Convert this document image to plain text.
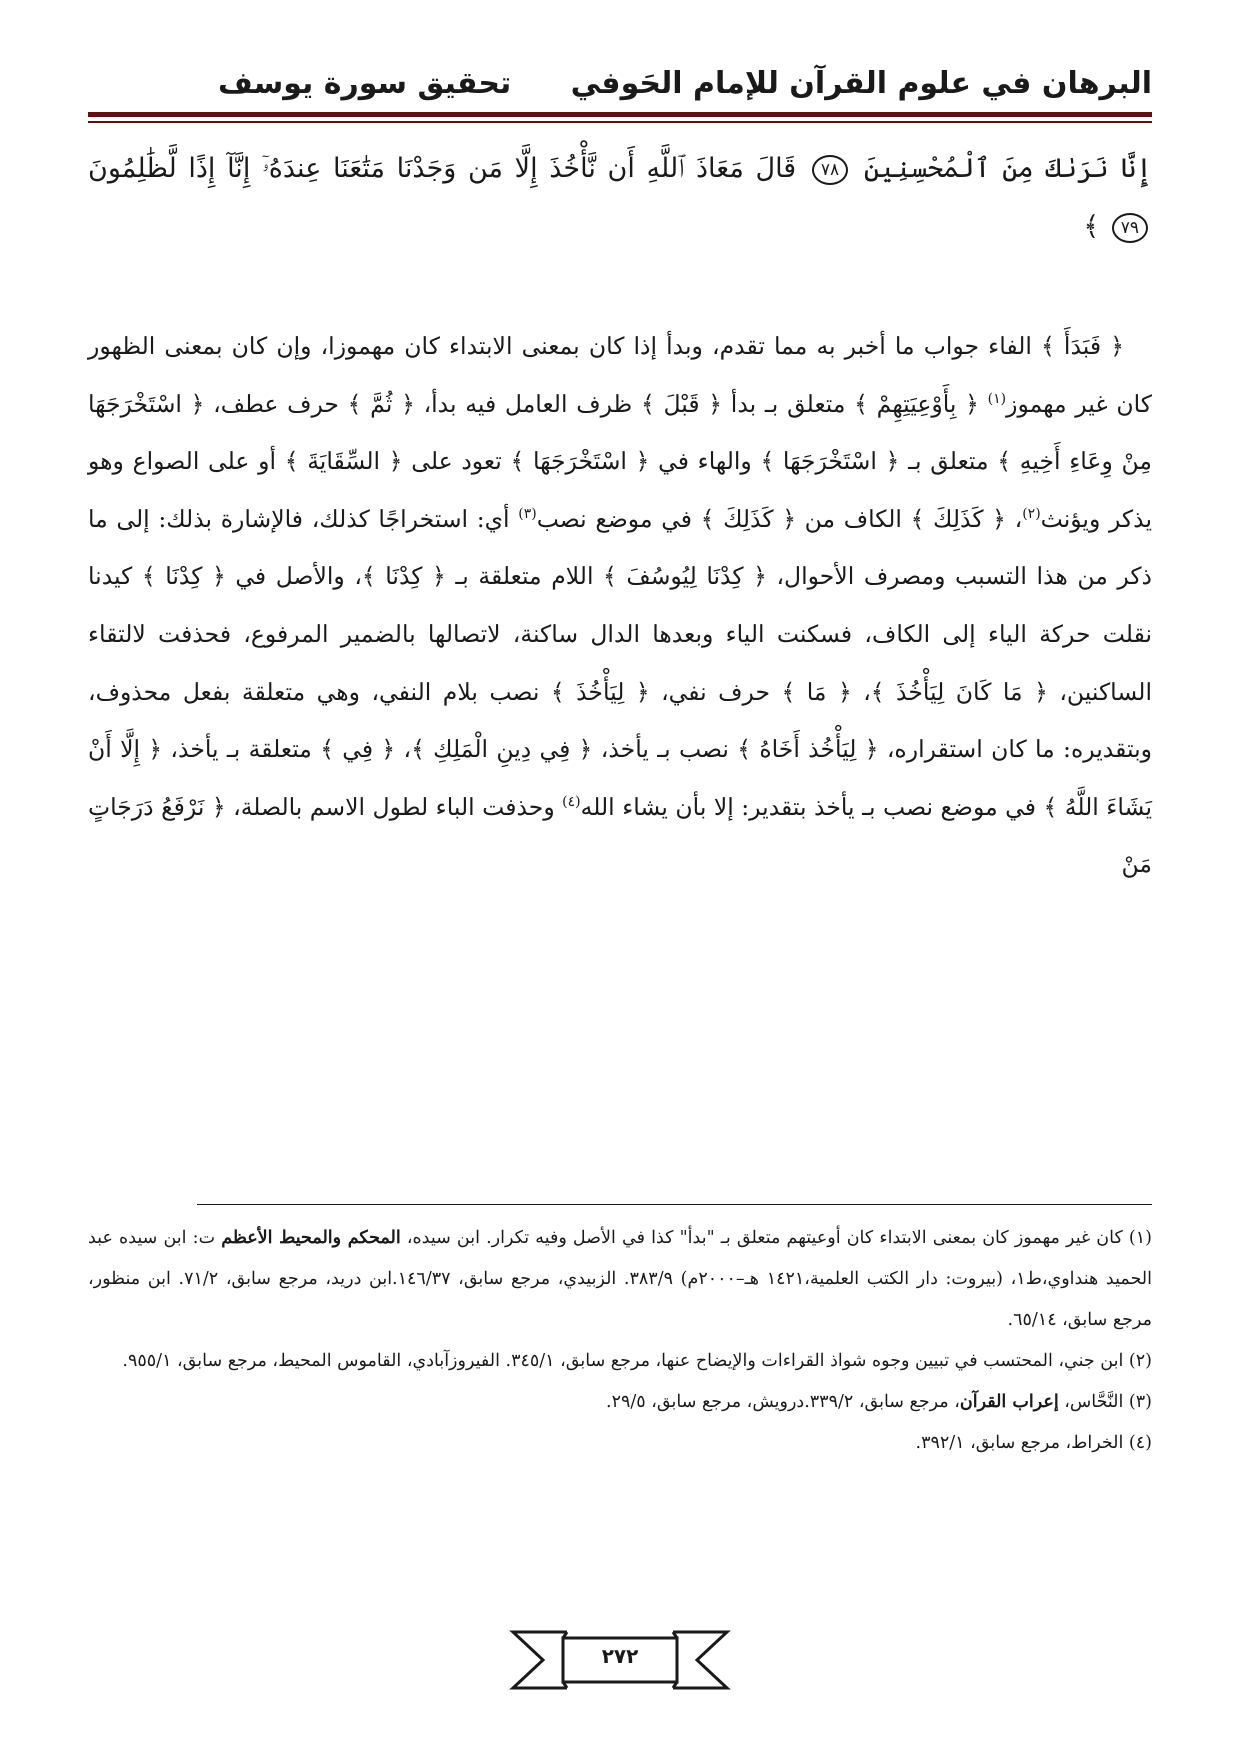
البرهان في علوم القرآن للإمام الحَوفي
تحقيق سورة يوسف
إِنَّا نَرَىٰكَ مِنَ ٱلْمُحْسِنِينَ ٧٨ قَالَ مَعَاذَ ٱللَّهِ أَن نَّأْخُذَ إِلَّا مَن وَجَدْنَا مَتَٰعَنَا عِندَهُۥٓ إِنَّآ إِذًا لَّظَٰلِمُونَ ٧٩ ﴾

﴿ فَبَدَأَ ﴾ الفاء جواب ما أخبر به مما تقدم، وبدأ إذا كان بمعنى الابتداء كان مهموزا، وإن كان بمعنى الظهور كان غير مهموز$^{(١)}$ ﴿ بِأَوْعِيَتِهِمْ ﴾ متعلق بـ بدأ ﴿ قَبْلَ ﴾ ظرف العامل فيه بدأ، ﴿ ثُمَّ ﴾ حرف عطف، ﴿ اسْتَخْرَجَهَا مِنْ وِعَاءِ أَخِيهِ ﴾ متعلق بـ ﴿ اسْتَخْرَجَهَا ﴾ والهاء في ﴿ اسْتَخْرَجَهَا ﴾ تعود على ﴿ السِّقَايَةَ ﴾ أو على الصواع وهو يذكر ويؤنث$^{(٢)}$، ﴿ كَذَلِكَ ﴾ الكاف من ﴿ كَذَلِكَ ﴾ في موضع نصب$^{(٣)}$ أي: استخراجًا كذلك، فالإشارة بذلك: إلى ما ذكر من هذا التسبب ومصرف الأحوال، ﴿ كِدْنَا لِيُوسُفَ ﴾ اللام متعلقة بـ ﴿ كِدْنَا ﴾، والأصل في ﴿ كِدْنَا ﴾ كيدنا نقلت حركة الياء إلى الكاف، فسكنت الياء وبعدها الدال ساكنة، لاتصالها بالضمير المرفوع، فحذفت لالتقاء الساكنين، ﴿ مَا كَانَ لِيَأْخُذَ ﴾، ﴿ مَا ﴾ حرف نفي، ﴿ لِيَأْخُذَ ﴾ نصب بلام النفي، وهي متعلقة بفعل محذوف، وبتقديره: ما كان استقراره، ﴿ لِيَأْخُذ أَخَاهُ ﴾ نصب بـ يأخذ، ﴿ فِي دِينِ الْمَلِكِ ﴾، ﴿ فِي ﴾ متعلقة بـ يأخذ، ﴿ إِلَّا أَنْ يَشَاءَ اللَّهُ ﴾ في موضع نصب بـ يأخذ بتقدير: إلا بأن يشاء الله$^{(٤)}$ وحذفت الباء لطول الاسم بالصلة، ﴿ نَرْفَعُ دَرَجَاتٍ مَنْ

(١) كان غير مهموز كان بمعنى الابتداء كان أوعيتهم متعلق بـ "بدأ" كذا في الأصل وفيه تكرار. ابن سيده، المحكم والمحيط الأعظم ت: ابن سيده عبد الحميد هنداوي،ط١، (بيروت: دار الكتب العلمية،١٤٢١ هـ–٢٠٠٠م) ٣٨٣/٩. الزبيدي، مرجع سابق، ١٤٦/٣٧.ابن دريد، مرجع سابق، ٧١/٢. ابن منظور، مرجع سابق، ٦٥/١٤.

(٢) ابن جني، المحتسب في تبيين وجوه شواذ القراءات والإيضاح عنها، مرجع سابق، ٣٤٥/١. الفيروزآبادي، القاموس المحيط، مرجع سابق، ٩٥٥/١.

(٣) النَّحَّاس، إعراب القرآن، مرجع سابق، ٣٣٩/٢.درويش، مرجع سابق، ٢٩/٥.

(٤) الخراط، مرجع سابق، ٣٩٢/١.

٢٧٢
